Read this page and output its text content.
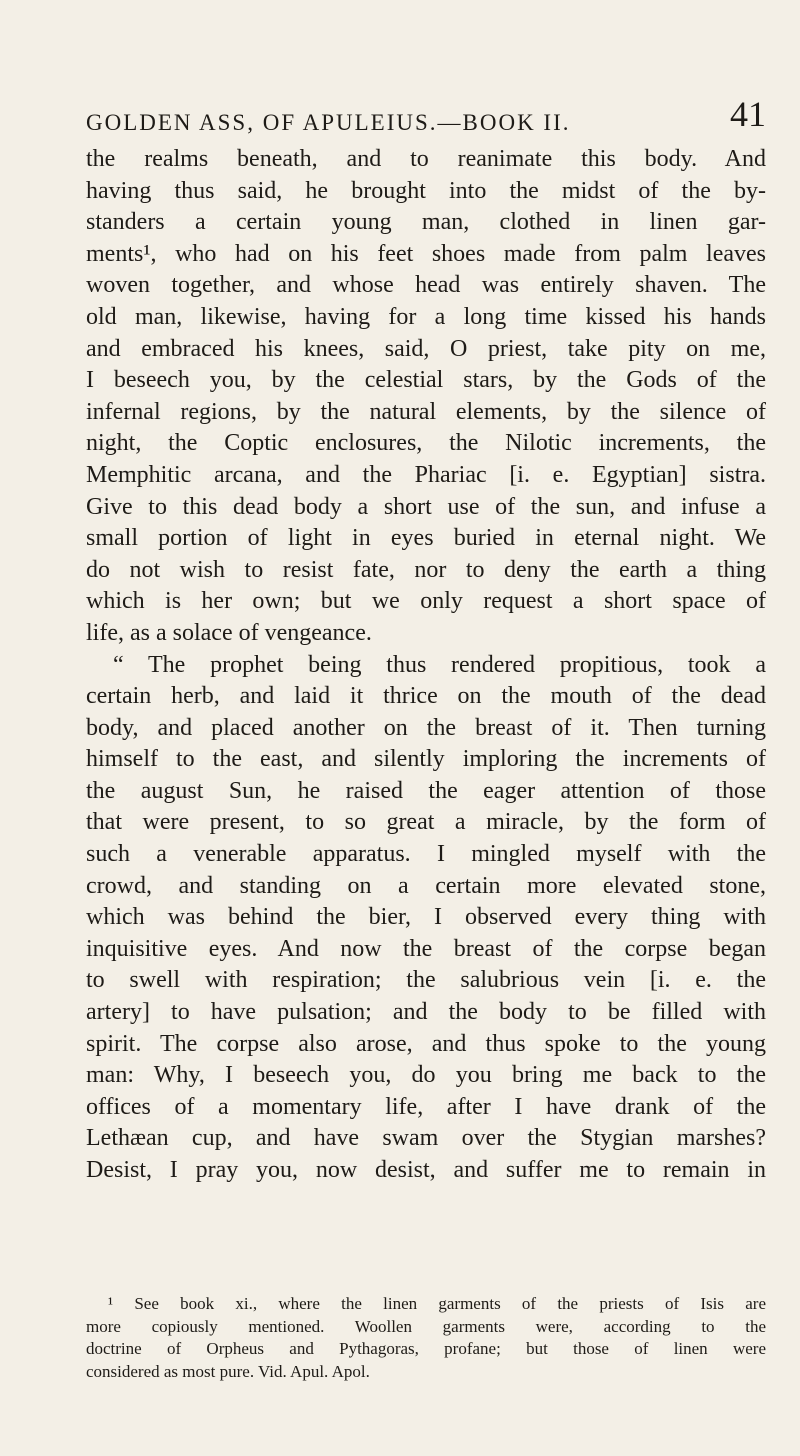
GOLDEN ASS, OF APULEIUS.—BOOK II.	41
the realms beneath, and to reanimate this body. And
having thus said, he brought into the midst of the by-
standers a certain young man, clothed in linen gar-
ments¹, who had on his feet shoes made from palm leaves
woven together, and whose head was entirely shaven. The
old man, likewise, having for a long time kissed his hands
and embraced his knees, said, O priest, take pity on me,
I beseech you, by the celestial stars, by the Gods of the
infernal regions, by the natural elements, by the silence of
night, the Coptic enclosures, the Nilotic increments, the
Memphitic arcana, and the Phariac [i. e. Egyptian] sistra.
Give to this dead body a short use of the sun, and infuse a
small portion of light in eyes buried in eternal night. We
do not wish to resist fate, nor to deny the earth a thing
which is her own; but we only request a short space of
life, as a solace of vengeance.
“ The prophet being thus rendered propitious, took a
certain herb, and laid it thrice on the mouth of the dead
body, and placed another on the breast of it. Then turning
himself to the east, and silently imploring the increments of
the august Sun, he raised the eager attention of those
that were present, to so great a miracle, by the form of
such a venerable apparatus. I mingled myself with the
crowd, and standing on a certain more elevated stone,
which was behind the bier, I observed every thing with
inquisitive eyes. And now the breast of the corpse began
to swell with respiration; the salubrious vein [i. e. the
artery] to have pulsation; and the body to be filled with
spirit. The corpse also arose, and thus spoke to the young
man: Why, I beseech you, do you bring me back to the
offices of a momentary life, after I have drank of the
Lethæan cup, and have swam over the Stygian marshes?
Desist, I pray you, now desist, and suffer me to remain in
¹ See book xi., where the linen garments of the priests of Isis are
more copiously mentioned. Woollen garments were, according to the
doctrine of Orpheus and Pythagoras, profane; but those of linen were
considered as most pure. Vid. Apul. Apol.
